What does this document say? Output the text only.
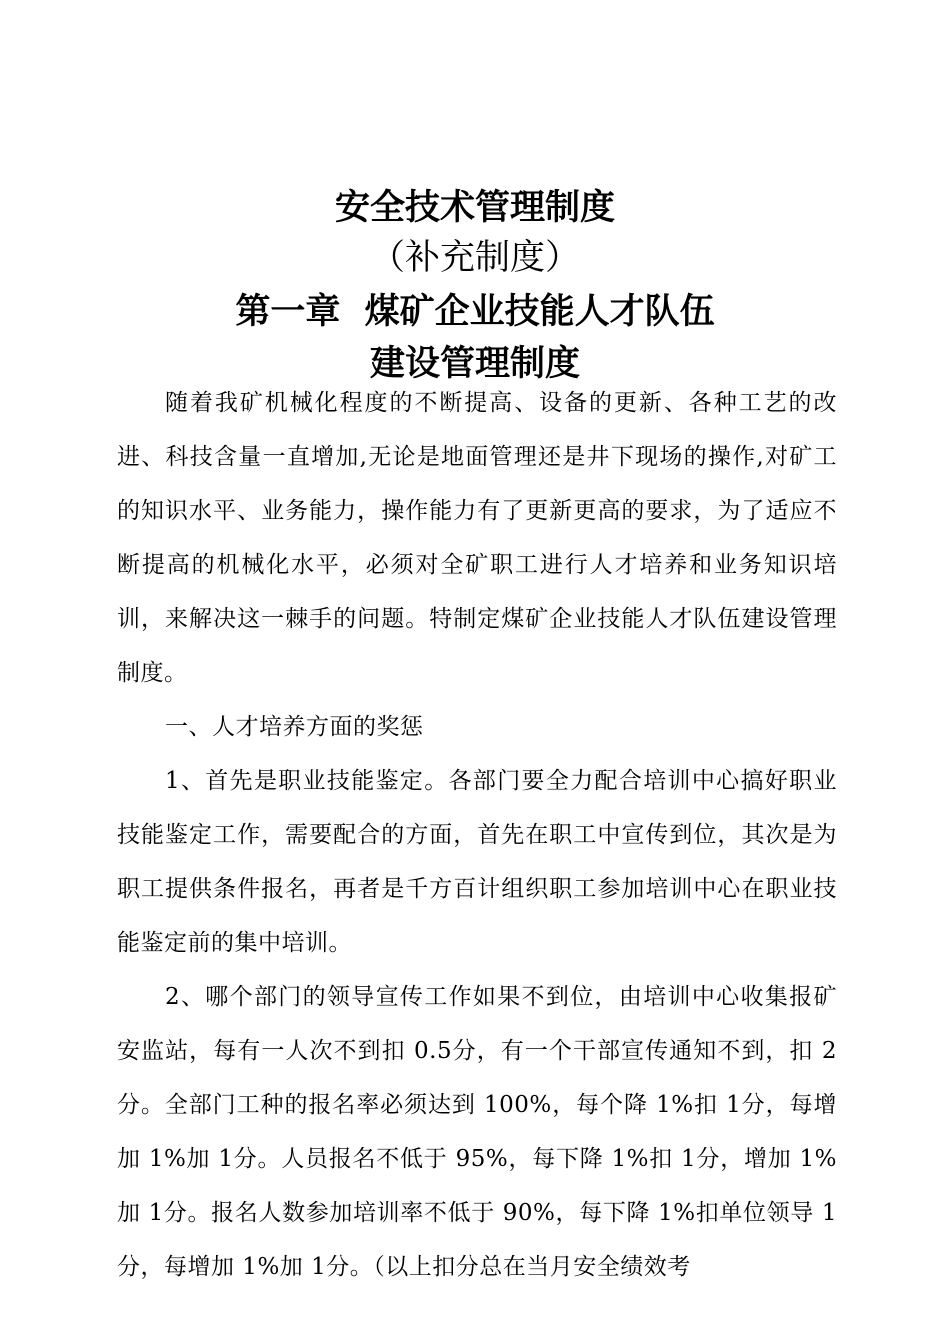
安全技术管理制度
（补充制度）
第一章  煤矿企业技能人才队伍
建设管理制度

随着我矿机械化程度的不断提高、设备的更新、各种工艺的改进、科技含量一直增加,无论是地面管理还是井下现场的操作,对矿工的知识水平、业务能力，操作能力有了更新更高的要求，为了适应不断提高的机械化水平，必须对全矿职工进行人才培养和业务知识培训，来解决这一棘手的问题。特制定煤矿企业技能人才队伍建设管理制度。

一、人才培养方面的奖惩

1、首先是职业技能鉴定。各部门要全力配合培训中心搞好职业技能鉴定工作，需要配合的方面，首先在职工中宣传到位，其次是为职工提供条件报名，再者是千方百计组织职工参加培训中心在职业技能鉴定前的集中培训。

2、哪个部门的领导宣传工作如果不到位，由培训中心收集报矿安监站，每有一人次不到扣 0.5分，有一个干部宣传通知不到，扣 2分。全部门工种的报名率必须达到 100%，每个降 1%扣 1分，每增加 1%加 1分。人员报名不低于 95%，每下降 1%扣 1分，增加 1%加 1分。报名人数参加培训率不低于 90%，每下降 1%扣单位领导 1分，每增加 1%加 1分。（以上扣分总在当月安全绩效考
